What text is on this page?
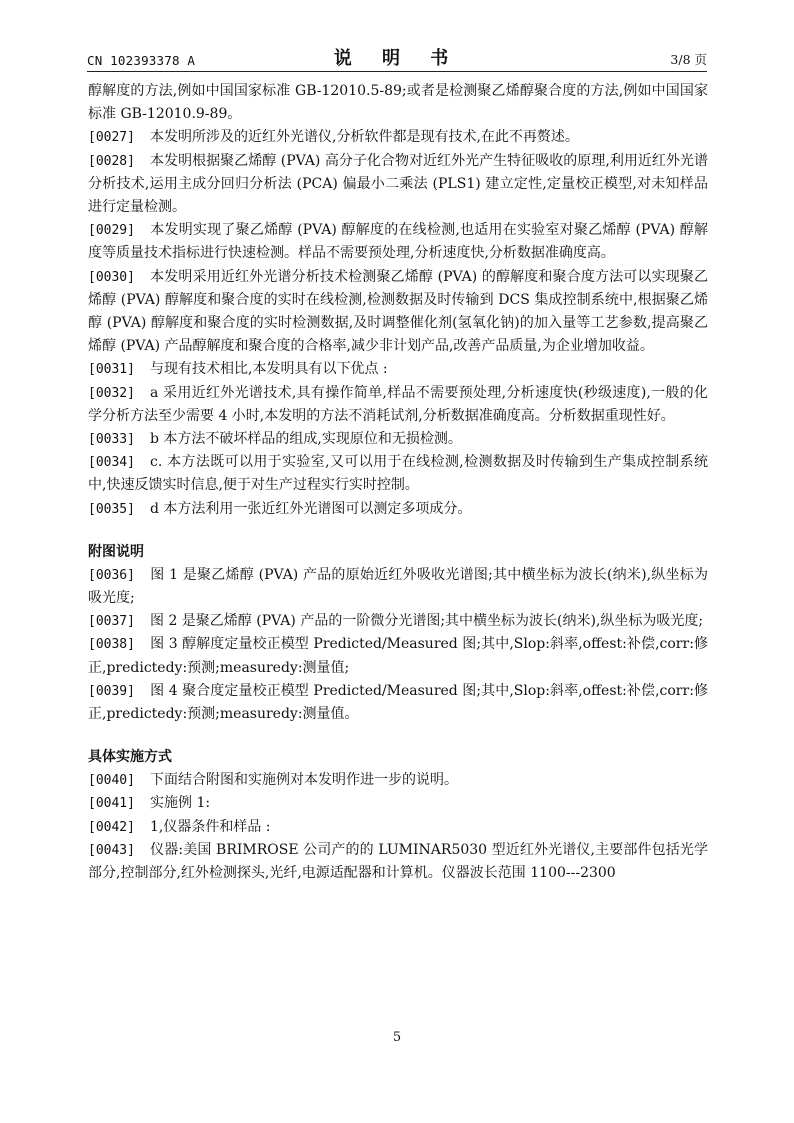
CN 102393378 A	说 明 书	3/8 页

醇解度的方法,例如中国国家标准 GB-12010.5-89;或者是检测聚乙烯醇聚合度的方法,例如中国国家标准 GB-12010.9-89。

[0027] 本发明所涉及的近红外光谱仪,分析软件都是现有技术,在此不再赘述。

[0028] 本发明根据聚乙烯醇 (PVA) 高分子化合物对近红外光产生特征吸收的原理,利用近红外光谱分析技术,运用主成分回归分析法 (PCA) 偏最小二乘法 (PLS1) 建立定性,定量校正模型,对未知样品进行定量检测。

[0029] 本发明实现了聚乙烯醇 (PVA) 醇解度的在线检测,也适用在实验室对聚乙烯醇 (PVA) 醇解度等质量技术指标进行快速检测。样品不需要预处理,分析速度快,分析数据准确度高。

[0030] 本发明采用近红外光谱分析技术检测聚乙烯醇 (PVA) 的醇解度和聚合度方法可以实现聚乙烯醇 (PVA) 醇解度和聚合度的实时在线检测,检测数据及时传输到 DCS 集成控制系统中,根据聚乙烯醇 (PVA) 醇解度和聚合度的实时检测数据,及时调整催化剂(氢氧化钠)的加入量等工艺参数,提高聚乙烯醇 (PVA) 产品醇解度和聚合度的合格率,减少非计划产品,改善产品质量,为企业增加收益。

[0031] 与现有技术相比,本发明具有以下优点 :

[0032] a 采用近红外光谱技术,具有操作简单,样品不需要预处理,分析速度快(秒级速度),一般的化学分析方法至少需要 4 小时,本发明的方法不消耗试剂,分析数据准确度高。分析数据重现性好。

[0033] b 本方法不破坏样品的组成,实现原位和无损检测。

[0034] c. 本方法既可以用于实验室,又可以用于在线检测,检测数据及时传输到生产集成控制系统中,快速反馈实时信息,便于对生产过程实行实时控制。

[0035] d 本方法利用一张近红外光谱图可以测定多项成分。

附图说明

[0036] 图 1 是聚乙烯醇 (PVA) 产品的原始近红外吸收光谱图;其中横坐标为波长(纳米),纵坐标为吸光度;

[0037] 图 2 是聚乙烯醇 (PVA) 产品的一阶微分光谱图;其中横坐标为波长(纳米),纵坐标为吸光度;

[0038] 图 3 醇解度定量校正模型 Predicted/Measured 图;其中,Slop:斜率,offest:补偿,corr:修正,predictedy:预测;measuredy:测量值;

[0039] 图 4 聚合度定量校正模型 Predicted/Measured 图;其中,Slop:斜率,offest:补偿,corr:修正,predictedy:预测;measuredy:测量值。

具体实施方式

[0040] 下面结合附图和实施例对本发明作进一步的说明。

[0041] 实施例 1:

[0042] 1,仪器条件和样品 :

[0043] 仪器:美国 BRIMROSE 公司产的的 LUMINAR5030 型近红外光谱仪,主要部件包括光学部分,控制部分,红外检测探头,光纤,电源适配器和计算机。仪器波长范围 1100---2300

5
